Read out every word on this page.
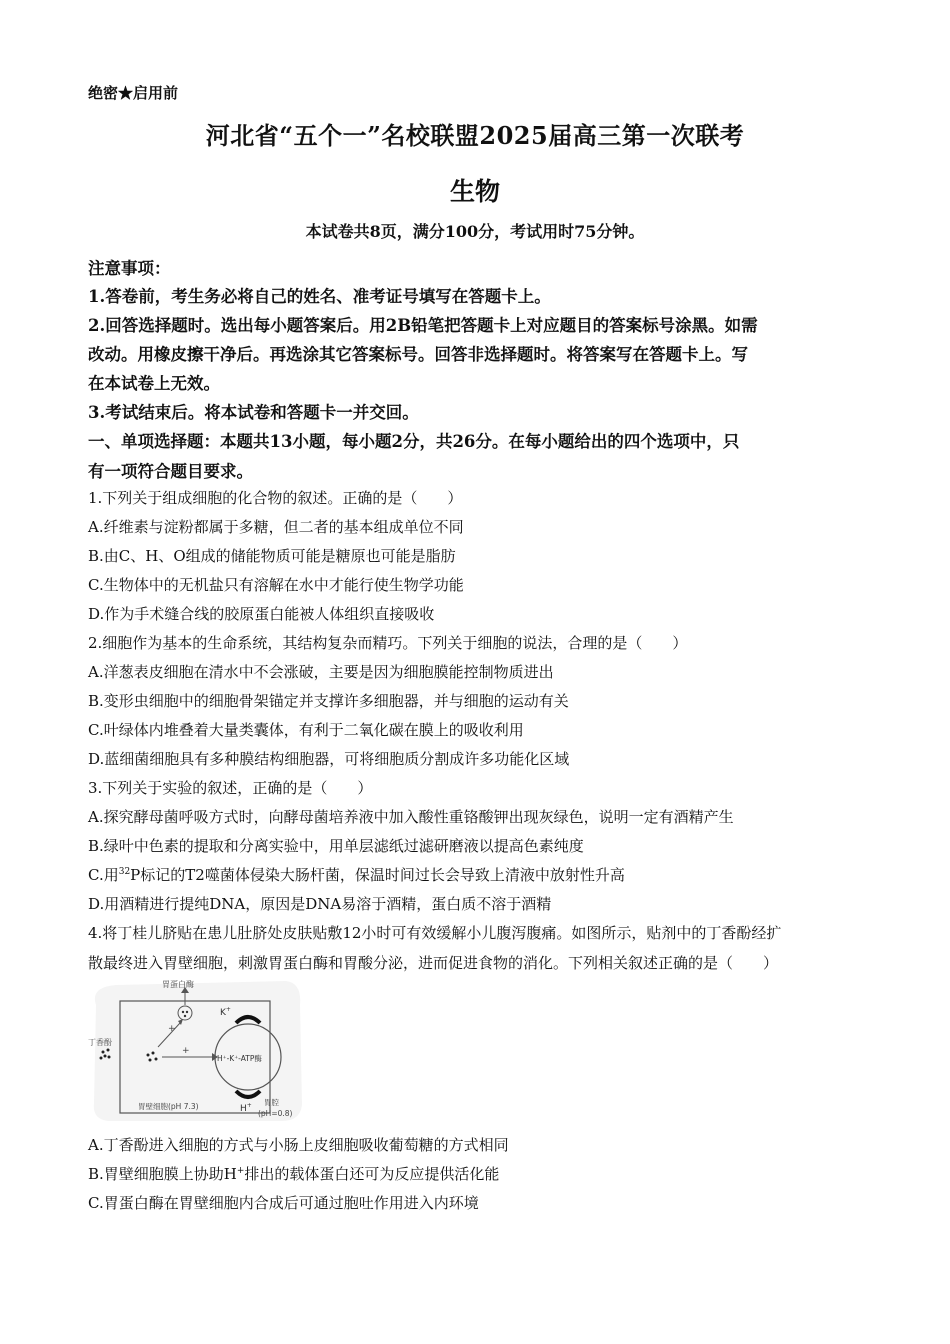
绝密★启用前
河北省“五个一”名校联盟2025届高三第一次联考
生物
本试卷共8页，满分100分，考试用时75分钟。
注意事项：
1.答卷前，考生务必将自己的姓名、准考证号填写在答题卡上。
2.回答选择题时。选出每小题答案后。用2B铅笔把答题卡上对应题目的答案标号涂黑。如需
改动。用橡皮擦干净后。再选涂其它答案标号。回答非选择题时。将答案写在答题卡上。写
在本试卷上无效。
3.考试结束后。将本试卷和答题卡一并交回。
一、单项选择题：本题共13小题，每小题2分，共26分。在每小题给出的四个选项中，只
有一项符合题目要求。
1.下列关于组成细胞的化合物的叙述。正确的是（　　）
A.纤维素与淀粉都属于多糖，但二者的基本组成单位不同
B.由C、H、O组成的储能物质可能是糖原也可能是脂肪
C.生物体中的无机盐只有溶解在水中才能行使生物学功能
D.作为手术缝合线的胶原蛋白能被人体组织直接吸收
2.细胞作为基本的生命系统，其结构复杂而精巧。下列关于细胞的说法，合理的是（　　）
A.洋葱表皮细胞在清水中不会涨破，主要是因为细胞膜能控制物质进出
B.变形虫细胞中的细胞骨架锚定并支撑许多细胞器，并与细胞的运动有关
C.叶绿体内堆叠着大量类囊体，有利于二氧化碳在膜上的吸收利用
D.蓝细菌细胞具有多种膜结构细胞器，可将细胞质分割成许多功能化区域
3.下列关于实验的叙述，正确的是（　　）
A.探究酵母菌呼吸方式时，向酵母菌培养液中加入酸性重铬酸钾出现灰绿色，说明一定有酒精产生
B.绿叶中色素的提取和分离实验中，用单层滤纸过滤研磨液以提高色素纯度
C.用$^{32}$P标记的T2噬菌体侵染大肠杆菌，保温时间过长会导致上清液中放射性升高
D.用酒精进行提纯DNA，原因是DNA易溶于酒精，蛋白质不溶于酒精
4.将丁桂儿脐贴在患儿肚脐处皮肤贴敷12小时可有效缓解小儿腹泻腹痛。如图所示，贴剂中的丁香酚经扩
散最终进入胃壁细胞，刺激胃蛋白酶和胃酸分泌，进而促进食物的消化。下列相关叙述正确的是（　　）
胃蛋白酶
丁香酚
+
+
K+
H⁺-K⁺-ATP酶
H+
胃壁细胞(pH 7.3)	胃腔
(pH=0.8)
A.丁香酚进入细胞的方式与小肠上皮细胞吸收葡萄糖的方式相同
B.胃壁细胞膜上协助H+排出的载体蛋白还可为反应提供活化能
C.胃蛋白酶在胃壁细胞内合成后可通过胞吐作用进入内环境
